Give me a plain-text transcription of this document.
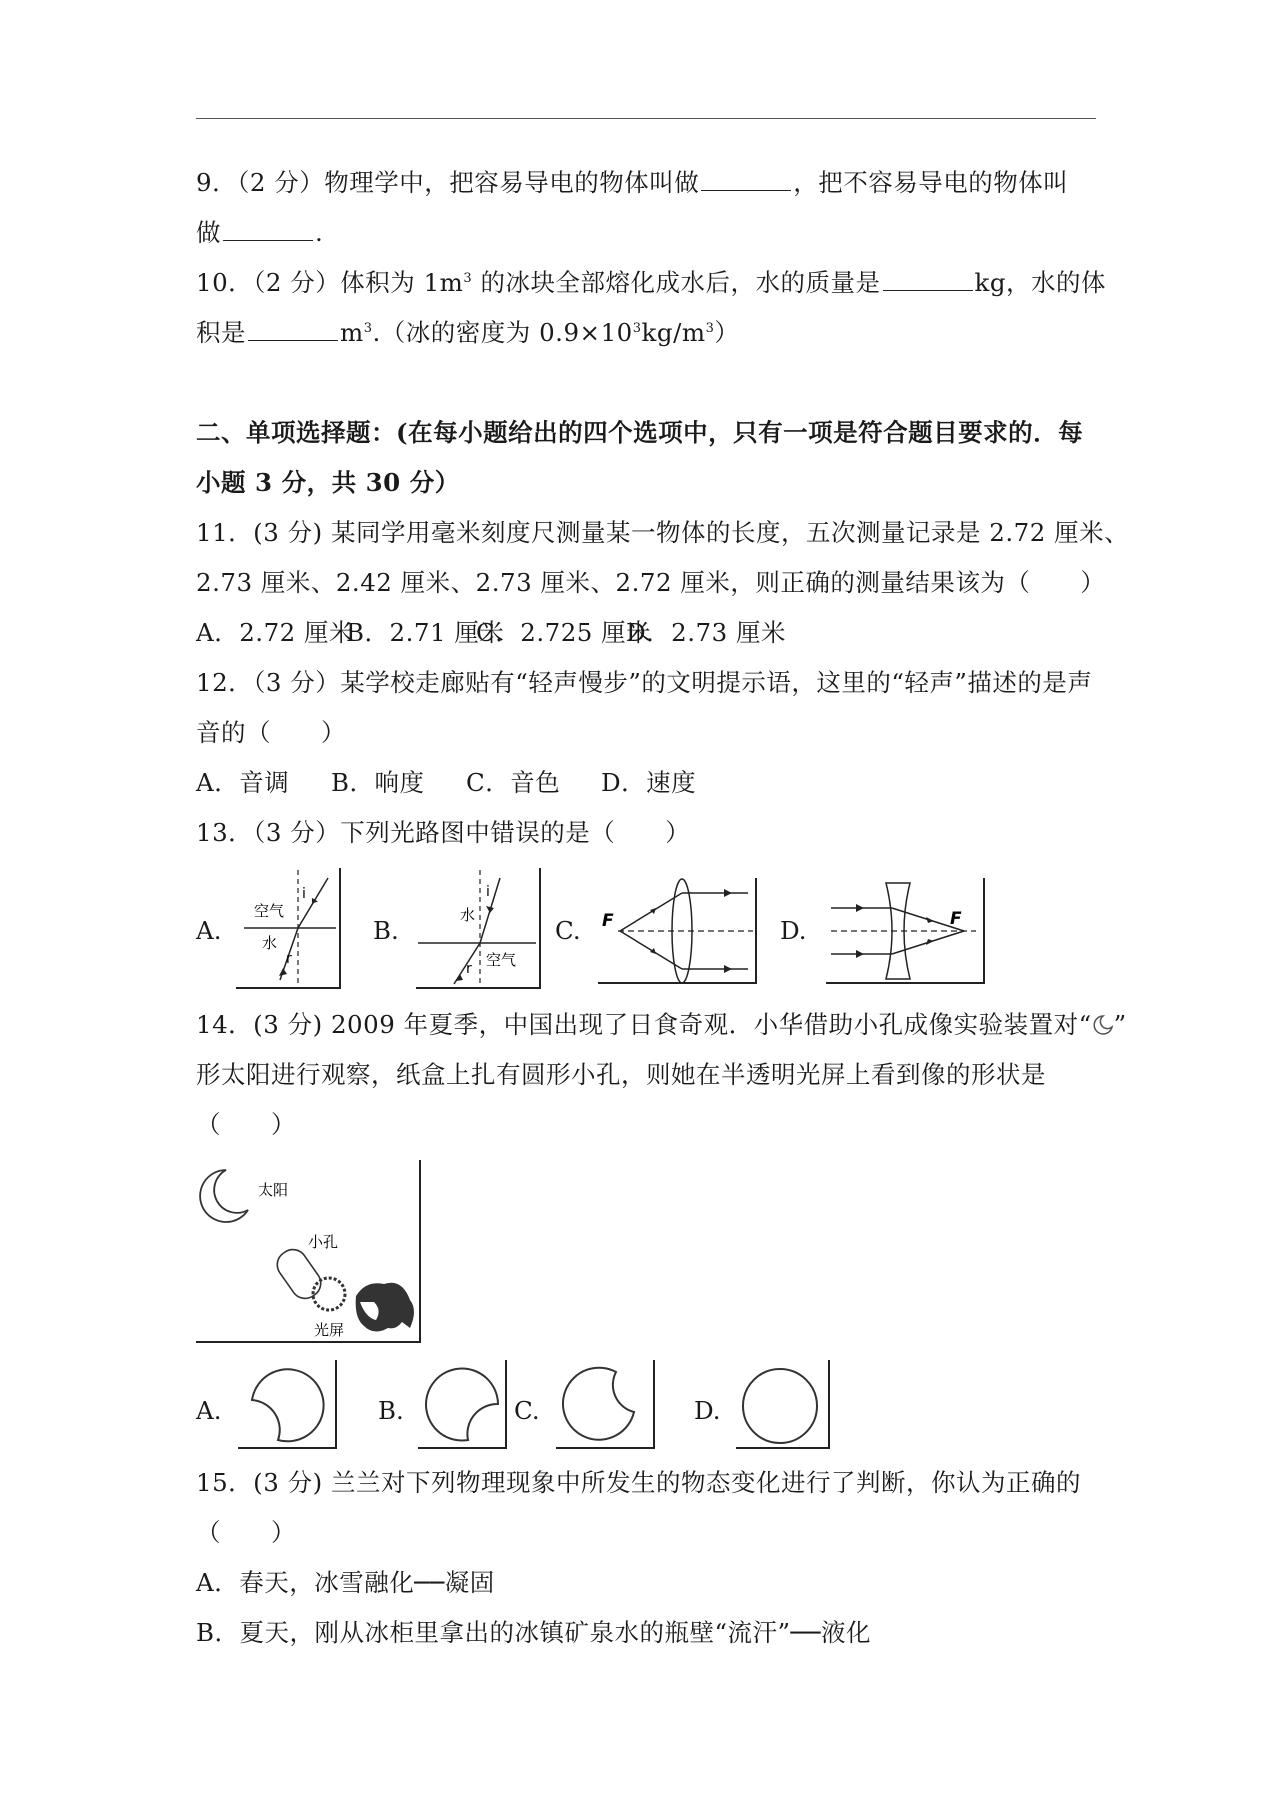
9．（2 分）物理学中，把容易导电的物体叫做	，把不容易导电的物体叫
做	.
10．（2 分）体积为 $1m^3$ 的冰块全部熔化成水后，水的质量是	kg，水的体
积是	$m^3$.（冰的密度为 $0.9\times 10^3kg/m^3$）
二、单项选择题：(在每小题给出的四个选项中，只有一项是符合题目要求的．每
小题 3 分，共 30 分）
11．(3 分) 某同学用毫米刻度尺测量某一物体的长度，五次测量记录是 2.72 厘米、
2.73 厘米、2.42 厘米、2.73 厘米、2.72 厘米，则正确的测量结果该为（　　）
A．2.72 厘米B．2.71 厘米C．2.725 厘米D．2.73 厘米
12．（3 分）某学校走廊贴有“轻声慢步”的文明提示语，这里的“轻声”描述的是声
音的（　　）
A．音调 B．响度 C．音色 D．速度
13．（3 分）下列光路图中错误的是（　　）
A.
空气
水
i
r
B.
水
空气
i
r
C. F	D.	F
14．(3 分) 2009 年夏季，中国出现了日食奇观．小华借助小孔成像实验装置对“ ”
形太阳进行观察，纸盒上扎有圆形小孔，则她在半透明光屏上看到像的形状是
（　　）
太阳
小孔
光屏
A.	B.	C.	D.
15．(3 分) 兰兰对下列物理现象中所发生的物态变化进行了判断，你认为正确的
（　　）
A．春天，冰雪融化──凝固
B．夏天，刚从冰柜里拿出的冰镇矿泉水的瓶壁“流汗”──液化
